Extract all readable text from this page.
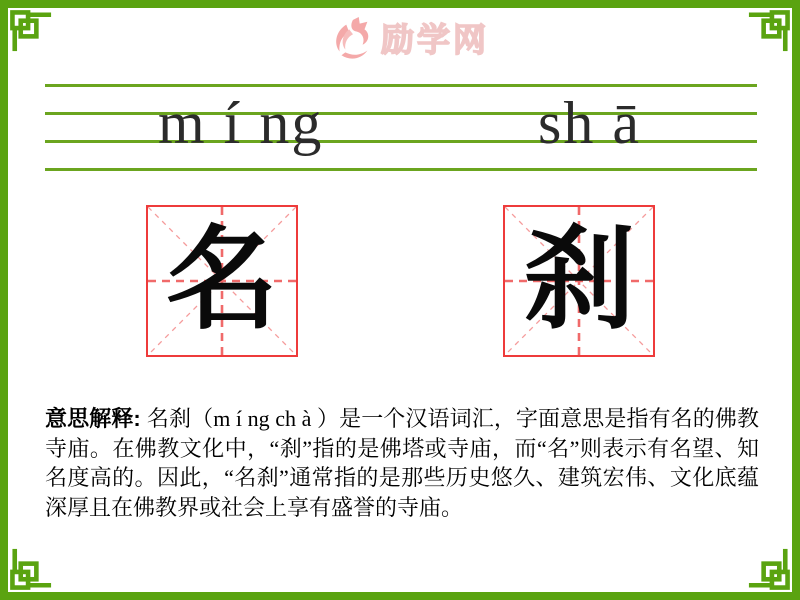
励学网
m í ng	sh ā
名 刹

意思解释: 名刹（m í ng ch à ）是一个汉语词汇，字面意思是指有名的佛教寺庙。在佛教文化中，“刹”指的是佛塔或寺庙，而“名”则表示有名望、知名度高的。因此，“名刹”通常指的是那些历史悠久、建筑宏伟、文化底蕴深厚且在佛教界或社会上享有盛誉的寺庙。
